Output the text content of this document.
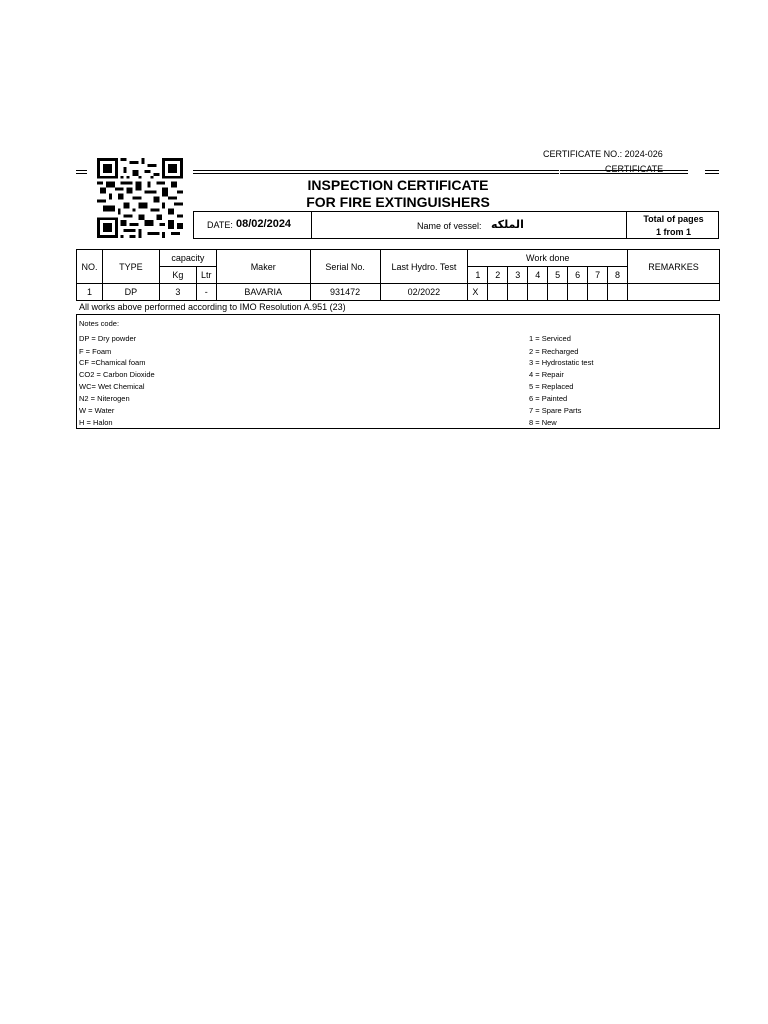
CERTIFICATE NO.: 2024-026
CERTIFICATE
INSPECTION CERTIFICATE
FOR FIRE EXTINGUISHERS
DATE: 08/02/2024	Name of vessel: الملكه	Total of pages
1 from 1
NO.	TYPE	capacity		Maker	Serial No.	Last Hydro. Test	Work done								REMARKES
		Kg	Ltr				1	2	3	4	5	6	7	8	
1	DP	3	-	BAVARIA	931472	02/2022	X								
All works above performed according to IMO Resolution A.951 (23)
Notes code:
DP = Dry powder
F = Foam
CF =Chamical foam
CO2 = Carbon Dioxide
WC= Wet Chemical
N2 = Niterogen
W = Water
H = Halon
1 = Serviced
2 = Recharged
3 = Hydrostatic test
4 = Repair
5 = Replaced
6 = Painted
7 = Spare Parts
8 = New
